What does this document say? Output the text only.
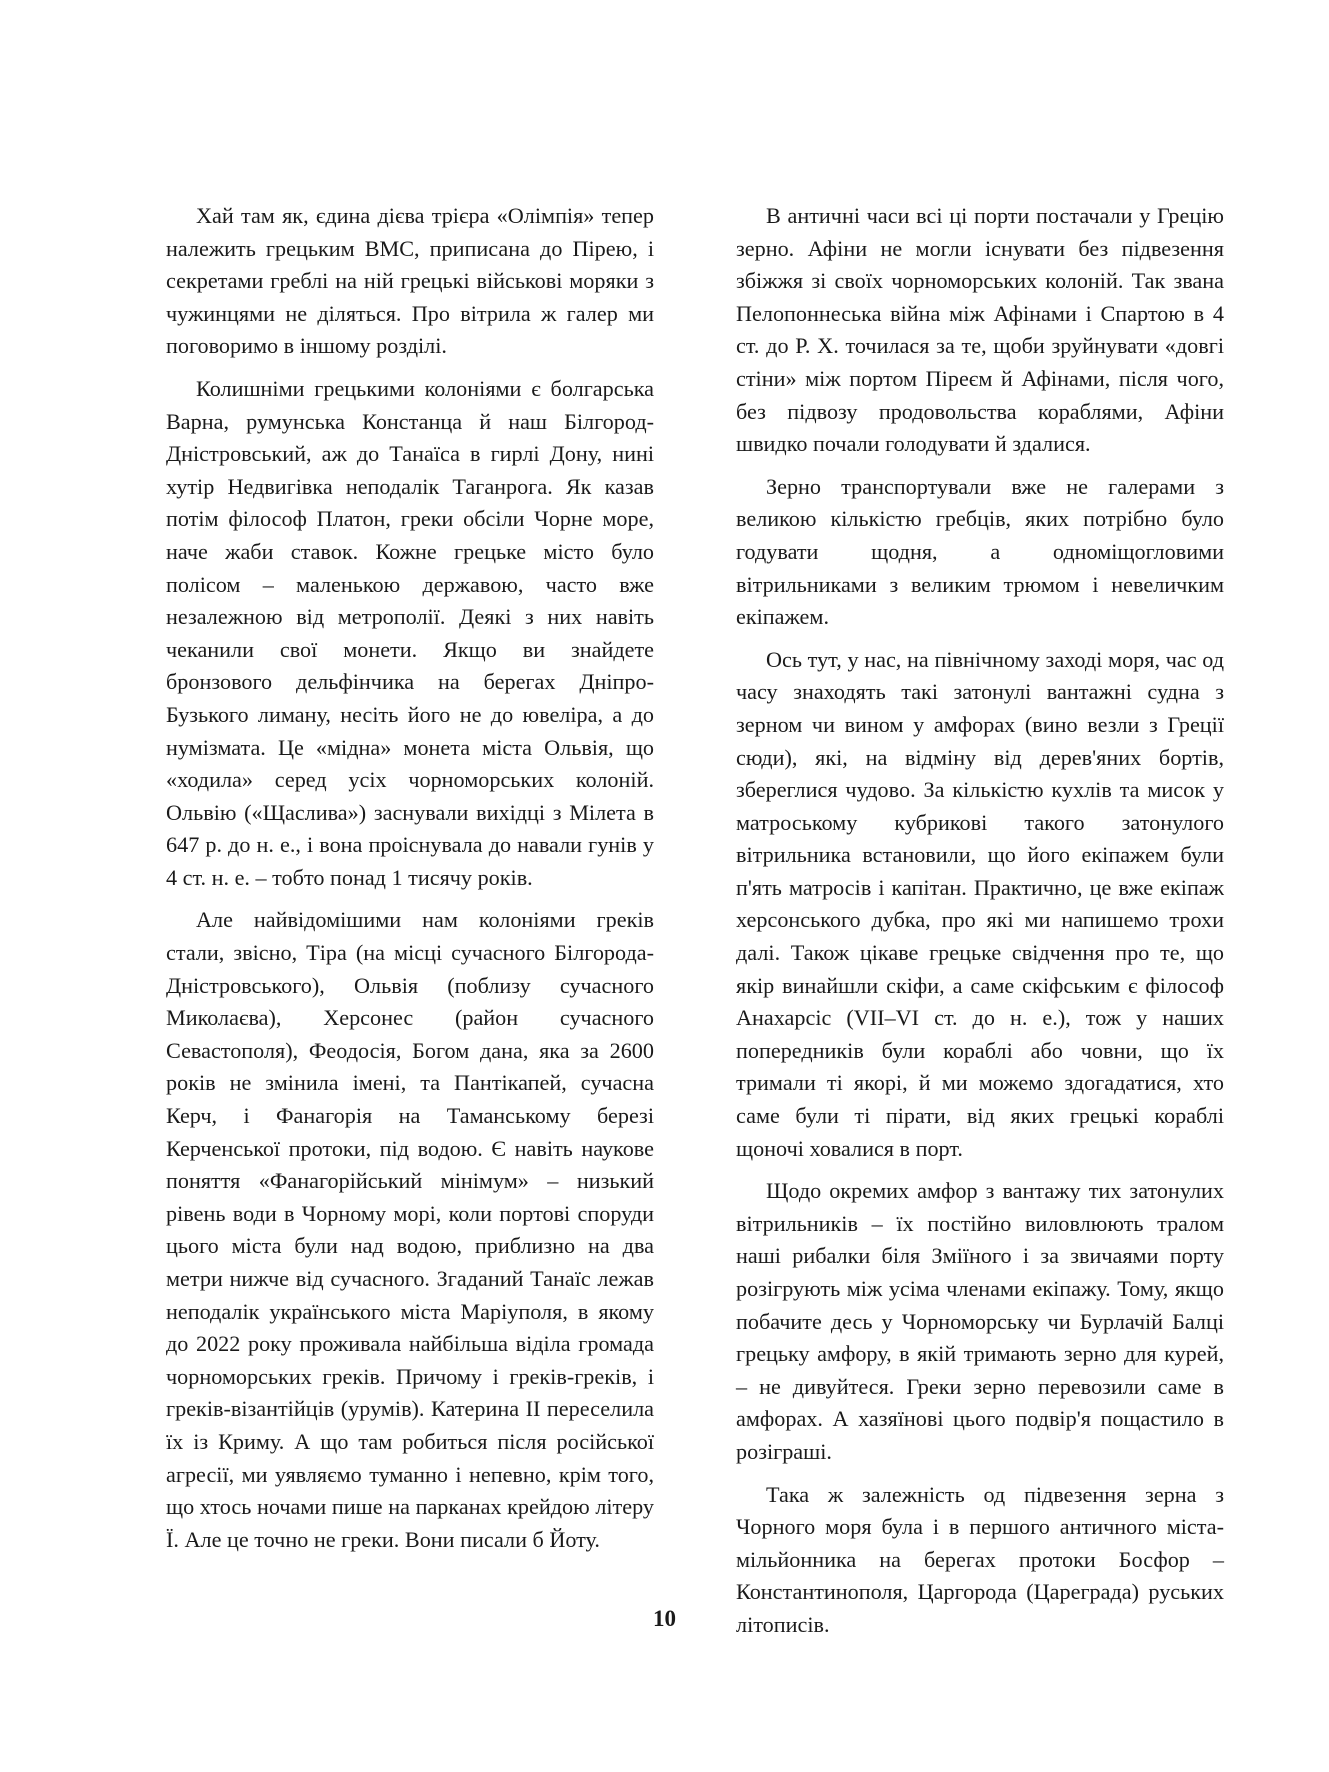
Хай там як, єдина дієва трієра «Олімпія» тепер належить грецьким ВМС, приписана до Пірею, і секретами греблі на ній грецькі військові моряки з чужинцями не діляться. Про вітрила ж галер ми поговоримо в іншому розділі.

Колишніми грецькими колоніями є болгарська Варна, румунська Констанца й наш Білгород-Дністровський, аж до Танаїса в гирлі Дону, нині хутір Недвигівка неподалік Таганрога. Як казав потім філософ Платон, греки обсіли Чорне море, наче жаби ставок. Кожне грецьке місто було полісом – маленькою державою, часто вже незалежною від метрополії. Деякі з них навіть чеканили свої монети. Якщо ви знайдете бронзового дельфінчика на берегах Дніпро-Бузького лиману, несіть його не до ювеліра, а до нумізмата. Це «мідна» монета міста Ольвія, що «ходила» серед усіх чорноморських колоній. Ольвію («Щаслива») заснували вихідці з Мілета в 647 р. до н. е., і вона проіснувала до навали гунів у 4 ст. н. е. – тобто понад 1 тисячу років.

Але найвідомішими нам колоніями греків стали, звісно, Тіра (на місці сучасного Білгорода-Дністровського), Ольвія (поблизу сучасного Миколаєва), Херсонес (район сучасного Севастополя), Феодосія, Богом дана, яка за 2600 років не змінила імені, та Пантікапей, сучасна Керч, і Фанагорія на Таманському березі Керченської протоки, під водою. Є навіть наукове поняття «Фанагорійський мінімум» – низький рівень води в Чорному морі, коли портові споруди цього міста були над водою, приблизно на два метри нижче від сучасного. Згаданий Танаїс лежав неподалік українського міста Маріуполя, в якому до 2022 року проживала найбільша віділа громада чорноморських греків. Причому і греків-греків, і греків-візантійців (урумів). Катерина ІІ переселила їх із Криму. А що там робиться після російської агресії, ми уявляємо туманно і непевно, крім того, що хтось ночами пише на парканах крейдою літеру Ї. Але це точно не греки. Вони писали б Йоту.

В античні часи всі ці порти постачали у Грецію зерно. Афіни не могли існувати без підвезення збіжжя зі своїх чорноморських колоній. Так звана Пелопоннеська війна між Афінами і Спартою в 4 ст. до Р. Х. точилася за те, щоби зруйнувати «довгі стіни» між портом Піреєм й Афінами, після чого, без підвозу продовольства кораблями, Афіни швидко почали голодувати й здалися.

Зерно транспортували вже не галерами з великою кількістю гребців, яких потрібно було годувати щодня, а одноміщогловими вітрильниками з великим трюмом і невеличким екіпажем.

Ось тут, у нас, на північному заході моря, час од часу знаходять такі затонулі вантажні судна з зерном чи вином у амфорах (вино везли з Греції сюди), які, на відміну від дерев'яних бортів, збереглися чудово. За кількістю кухлів та мисок у матроському кубрикові такого затонулого вітрильника встановили, що його екіпажем були п'ять матросів і капітан. Практично, це вже екіпаж херсонського дубка, про які ми напишемо трохи далі. Також цікаве грецьке свідчення про те, що якір винайшли скіфи, а саме скіфським є філософ Анахарсіс (VII–VI ст. до н. е.), тож у наших попередників були кораблі або човни, що їх тримали ті якорі, й ми можемо здогадатися, хто саме були ті пірати, від яких грецькі кораблі щоночі ховалися в порт.

Щодо окремих амфор з вантажу тих затонулих вітрильників – їх постійно виловлюють тралом наші рибалки біля Зміїного і за звичаями порту розігрують між усіма членами екіпажу. Тому, якщо побачите десь у Чорноморську чи Бурлачій Балці грецьку амфору, в якій тримають зерно для курей, – не дивуйтеся. Греки зерно перевозили саме в амфорах. А хазяїнові цього подвір'я пощастило в розіграші.

Така ж залежність од підвезення зерна з Чорного моря була і в першого античного міста-мільйонника на берегах протоки Босфор – Константинополя, Царгорода (Цареграда) руських літописів.

10
